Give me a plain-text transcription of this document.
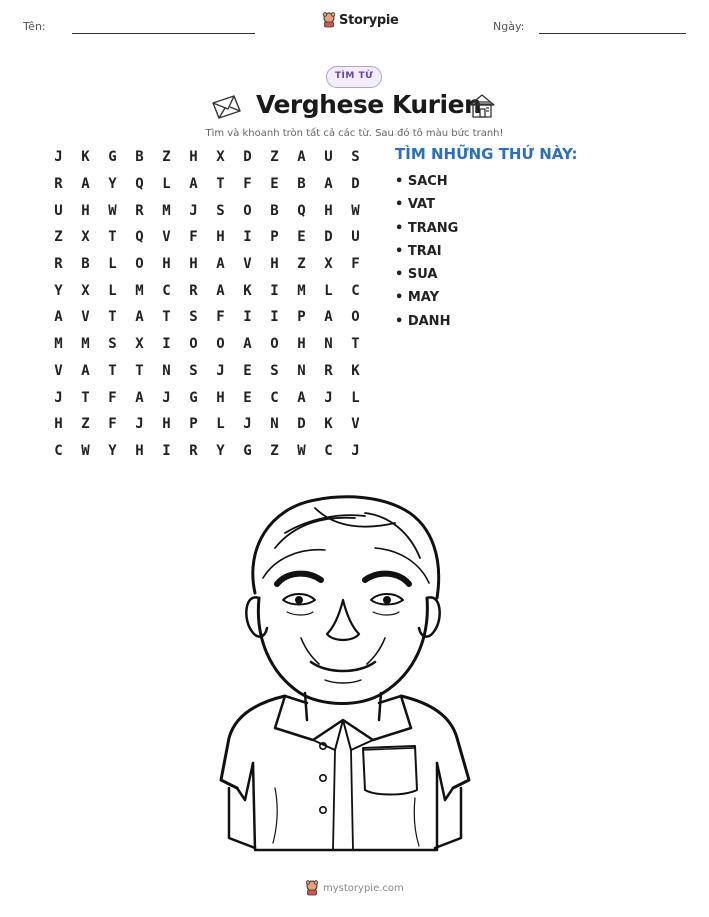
Tên:	Storypie	Ngày:
TÌM TỪ
Verghese Kurien
Tìm và khoanh tròn tất cả các từ. Sau đó tô màu bức tranh!
J	K	G	B	Z	H	X	D	Z	A	U	S
R	A	Y	Q	L	A	T	F	E	B	A	D
U	H	W	R	M	J	S	O	B	Q	H	W
Z	X	T	Q	V	F	H	I	P	E	D	U
R	B	L	O	H	H	A	V	H	Z	X	F
Y	X	L	M	C	R	A	K	I	M	L	C
A	V	T	A	T	S	F	I	I	P	A	O
M	M	S	X	I	O	O	A	O	H	N	T
V	A	T	T	N	S	J	E	S	N	R	K
J	T	F	A	J	G	H	E	C	A	J	L
H	Z	F	J	H	P	L	J	N	D	K	V
C	W	Y	H	I	R	Y	G	Z	W	C	J
TÌM NHỮNG THỨ NÀY:
• SACH
• VAT
• TRANG
• TRAI
• SUA
• MAY
• DANH
mystorypie.com
